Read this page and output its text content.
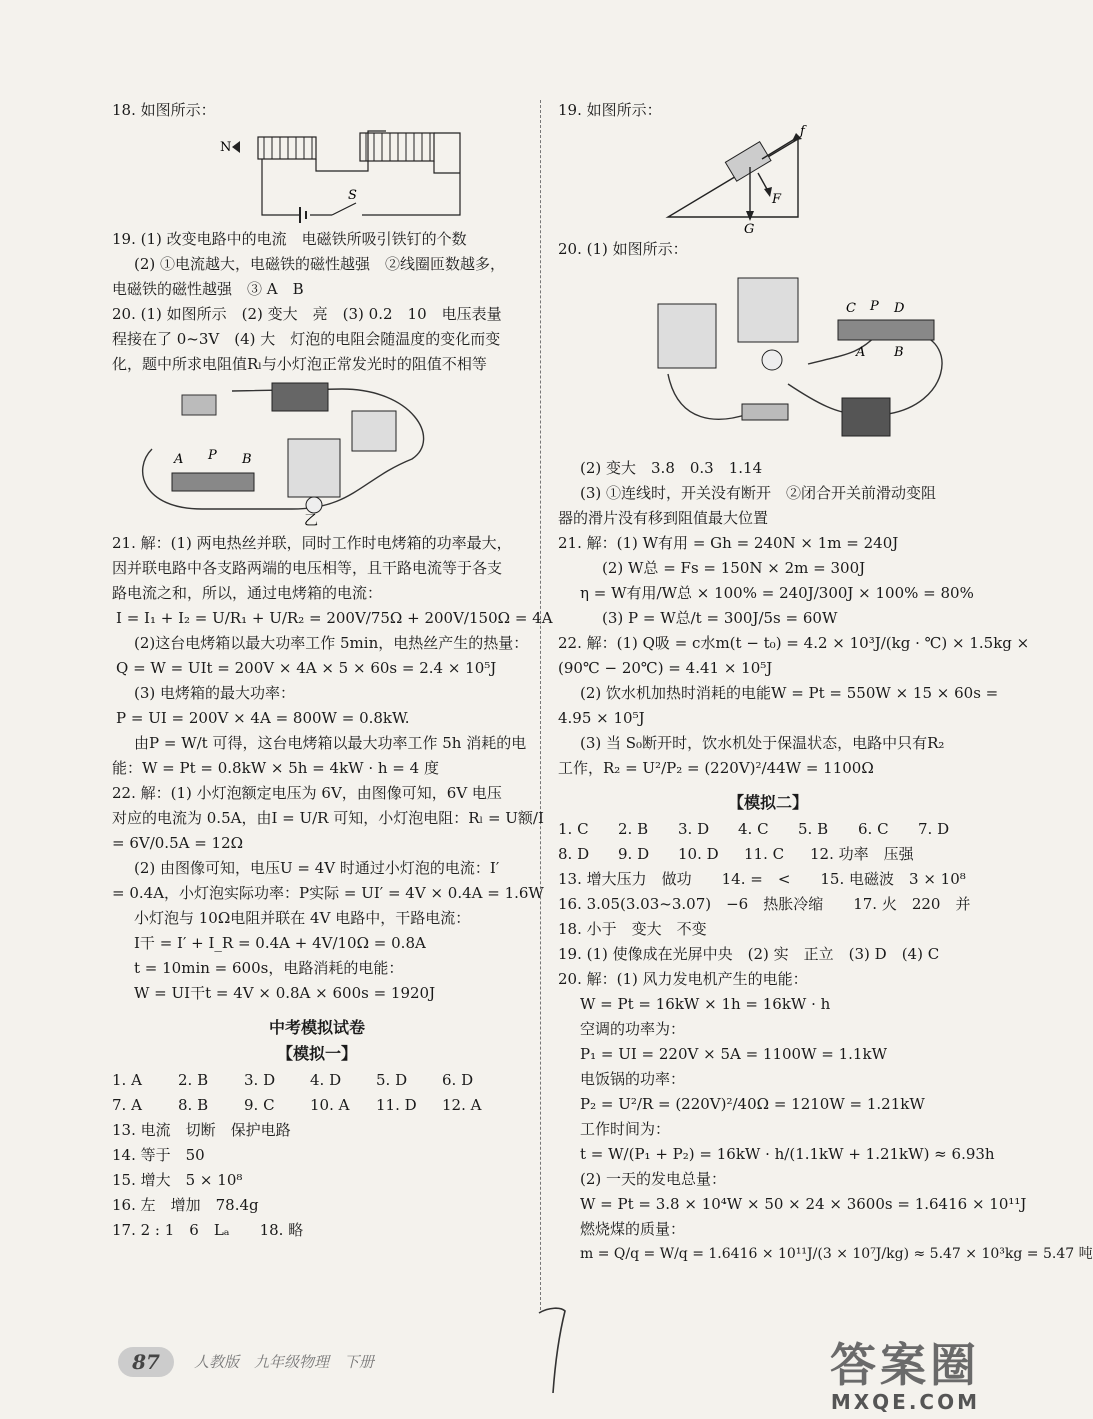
18. 如图所示：

N
S

19. (1) 改变电路中的电流　电磁铁所吸引铁钉的个数

(2) ①电流越大，电磁铁的磁性越强　②线圈匝数越多，

电磁铁的磁性越强　③ A　B

20. (1) 如图所示　(2) 变大　亮　(3) 0.2　10　电压表量

程接在了 0~3V　(4) 大　灯泡的电阻会随温度的变化而变

化，题中所求电阻值Rₗ与小灯泡正常发光时的阻值不相等

A P B
乙

21. 解：(1) 两电热丝并联，同时工作时电烤箱的功率最大，

因并联电路中各支路两端的电压相等，且干路电流等于各支

路电流之和，所以，通过电烤箱的电流：

I = I₁ + I₂ = U/R₁ + U/R₂ = 200V/75Ω + 200V/150Ω = 4A

(2)这台电烤箱以最大功率工作 5min，电热丝产生的热量：

Q = W = UIt = 200V × 4A × 5 × 60s = 2.4 × 10⁵J

(3) 电烤箱的最大功率：

P = UI = 200V × 4A = 800W = 0.8kW.

由P = W/t 可得，这台电烤箱以最大功率工作 5h 消耗的电

能：W = Pt = 0.8kW × 5h = 4kW · h = 4 度

22. 解：(1) 小灯泡额定电压为 6V，由图像可知，6V 电压

对应的电流为 0.5A，由I = U/R 可知，小灯泡电阻：Rₗ = U额/I

= 6V/0.5A = 12Ω

(2) 由图像可知，电压U = 4V 时通过小灯泡的电流：I′

= 0.4A，小灯泡实际功率：P实际 = UI′ = 4V × 0.4A = 1.6W

小灯泡与 10Ω电阻并联在 4V 电路中，干路电流：

I干 = I′ + I_R = 0.4A + 4V/10Ω = 0.8A

t = 10min = 600s，电路消耗的电能：

W = UI干t = 4V × 0.8A × 600s = 1920J

中考模拟试卷
【模拟一】
1. A	2. B	3. D	4. D	5. D	6. D
7. A	8. B	9. C	10. A	11. D	12. A

13. 电流　切断　保护电路

14. 等于　50

15. 增大　5 × 10⁸

16. 左　增加　78.4g

17. 2 : 1　6　Lₐ　　18. 略

19. 如图所示：

f
F
G

20. (1) 如图所示：

C P D
A B

(2) 变大　3.8　0.3　1.14

(3) ①连线时，开关没有断开　②闭合开关前滑动变阻

器的滑片没有移到阻值最大位置

21. 解：(1) W有用 = Gh = 240N × 1m = 240J

(2) W总 = Fs = 150N × 2m = 300J

η = W有用/W总 × 100% = 240J/300J × 100% = 80%

(3) P = W总/t = 300J/5s = 60W

22. 解：(1) Q吸 = c水m(t − t₀) = 4.2 × 10³J/(kg · ℃) × 1.5kg ×

(90℃ − 20℃) = 4.41 × 10⁵J

(2) 饮水机加热时消耗的电能W = Pt = 550W × 15 × 60s =

4.95 × 10⁵J

(3) 当 S₀断开时，饮水机处于保温状态，电路中只有R₂

工作，R₂ = U²/P₂ = (220V)²/44W = 1100Ω

【模拟二】
1. C	2. B	3. D	4. C	5. B	6. C	7. D
8. D	9. D	10. D	11. C	12. 功率　压强

13. 增大压力　做功　　14. =　<　　15. 电磁波　3 × 10⁸

16. 3.05(3.03~3.07)　−6　热胀冷缩　　17. 火　220　并

18. 小于　变大　不变

19. (1) 使像成在光屏中央　(2) 实　正立　(3) D　(4) C

20. 解：(1) 风力发电机产生的电能：

W = Pt = 16kW × 1h = 16kW · h

空调的功率为：

P₁ = UI = 220V × 5A = 1100W = 1.1kW

电饭锅的功率：

P₂ = U²/R = (220V)²/40Ω = 1210W = 1.21kW

工作时间为：

t = W/(P₁ + P₂) = 16kW · h/(1.1kW + 1.21kW) ≈ 6.93h

(2) 一天的发电总量：

W = Pt = 3.8 × 10⁴W × 50 × 24 × 3600s = 1.6416 × 10¹¹J

燃烧煤的质量：

m = Q/q = W/q = 1.6416 × 10¹¹J/(3 × 10⁷J/kg) ≈ 5.47 × 10³kg = 5.47 吨

87	人教版　九年级物理　下册	答案圈
MXQE.COM
